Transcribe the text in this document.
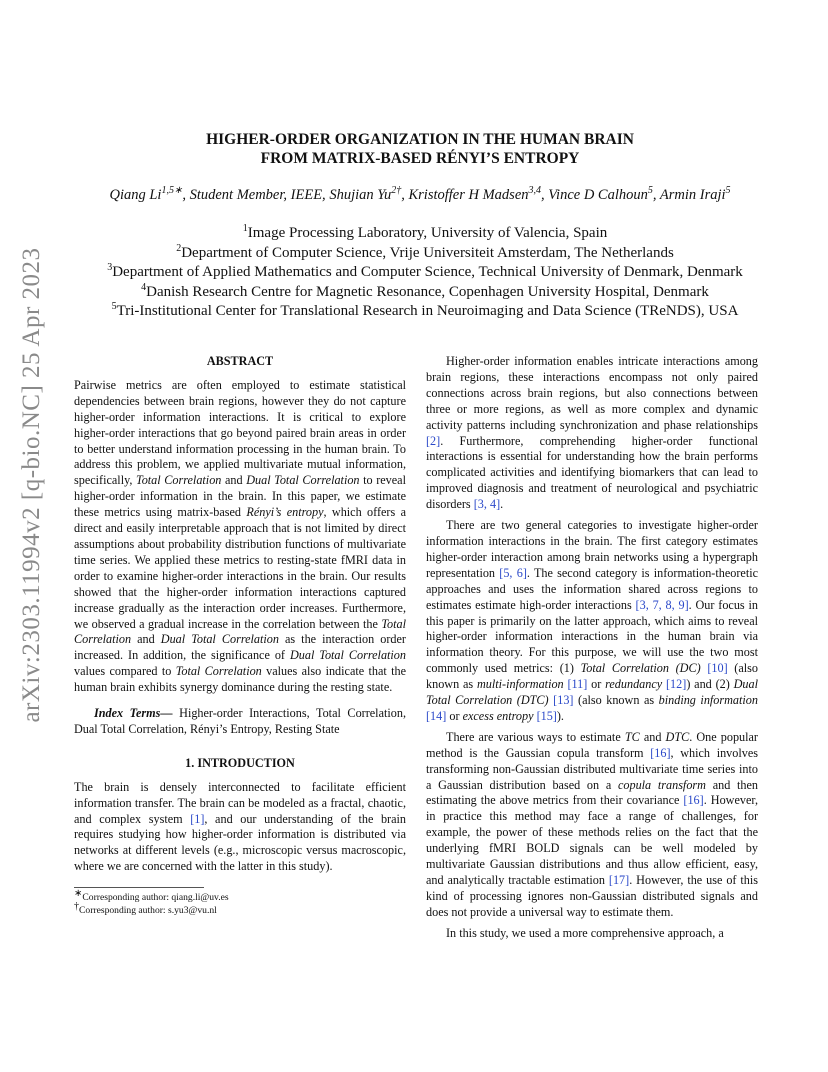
arXiv:2303.11994v2 [q-bio.NC] 25 Apr 2023
HIGHER-ORDER ORGANIZATION IN THE HUMAN BRAIN
FROM MATRIX-BASED RÉNYI’S ENTROPY
Qiang $Li^{1,5∗}$, Student Member, IEEE, Shujian $Yu^{2\dagger}$, Kristoffer H Madsen$^{3,4}$, Vince D Calhoun$^5$, Armin Iraji$^5$
$^1$Image Processing Laboratory, University of Valencia, Spain
$^2$Department of Computer Science, Vrije Universiteit Amsterdam, The Netherlands
$^3$Department of Applied Mathematics and Computer Science, Technical University of Denmark, Denmark
$^4$Danish Research Centre for Magnetic Resonance, Copenhagen University Hospital, Denmark
$^5$Tri-Institutional Center for Translational Research in Neuroimaging and Data Science (TReNDS), USA
ABSTRACT

Pairwise metrics are often employed to estimate statistical dependencies between brain regions, however they do not capture higher-order information interactions. It is critical to explore higher-order interactions that go beyond paired brain areas in order to better understand information processing in the human brain. To address this problem, we applied multivariate mutual information, specifically, Total Correlation and Dual Total Correlation to reveal higher-order information in the brain. In this paper, we estimate these metrics using matrix-based Rényi’s entropy, which offers a direct and easily interpretable approach that is not limited by direct assumptions about probability distribution functions of multivariate time series. We applied these metrics to resting-state fMRI data in order to examine higher-order interactions in the brain. Our results showed that the higher-order information interactions captured increase gradually as the interaction order increases. Furthermore, we observed a gradual increase in the correlation between the Total Correlation and Dual Total Correlation as the interaction order increased. In addition, the significance of Dual Total Correlation values compared to Total Correlation values also indicate that the human brain exhibits synergy dominance during the resting state.

Index Terms— Higher-order Interactions, Total Correlation, Dual Total Correlation, Rényi’s Entropy, Resting State

1. INTRODUCTION

The brain is densely interconnected to facilitate efficient information transfer. The brain can be modeled as a fractal, chaotic, and complex system [1], and our understanding of the brain requires studying how higher-order information is distributed via networks at different levels (e.g., microscopic versus macroscopic, where we are concerned with the latter in this study).

∗Corresponding author: qiang.li@uv.es
†Corresponding author: s.yu3@vu.nl

Higher-order information enables intricate interactions among brain regions, these interactions encompass not only paired connections across brain regions, but also connections between three or more regions, as well as more complex and dynamic activity patterns including synchronization and phase relationships [2]. Furthermore, comprehending higher-order functional interactions is essential for understanding how the brain performs complicated activities and identifying biomarkers that can lead to improved diagnosis and treatment of neurological and psychiatric disorders [3, 4].

There are two general categories to investigate higher-order information interactions in the brain. The first category estimates higher-order interaction among brain networks using a hypergraph representation [5, 6]. The second category is information-theoretic approaches and uses the information shared across regions to estimates estimate high-order interactions [3, 7, 8, 9]. Our focus in this paper is primarily on the latter approach, which aims to reveal higher-order information interactions in the human brain via information theory. For this purpose, we will use the two most commonly used metrics: (1) Total Correlation (DC) [10] (also known as multi-information [11] or redundancy [12]) and (2) Dual Total Correlation (DTC) [13] (also known as binding information [14] or excess entropy [15]).

There are various ways to estimate TC and DTC. One popular method is the Gaussian copula transform [16], which involves transforming non-Gaussian distributed multivariate time series into a Gaussian distribution based on a copula transform and then estimating the above metrics from their covariance [16]. However, in practice this method may face a range of challenges, for example, the power of these methods relies on the fact that the underlying fMRI BOLD signals can be well modeled by multivariate Gaussian distributions and thus allow efficient, easy, and analytically tractable estimation [17]. However, the use of this kind of processing ignores non-Gaussian distributed signals and does not provide a universal way to estimate them.

In this study, we used a more comprehensive approach, a
